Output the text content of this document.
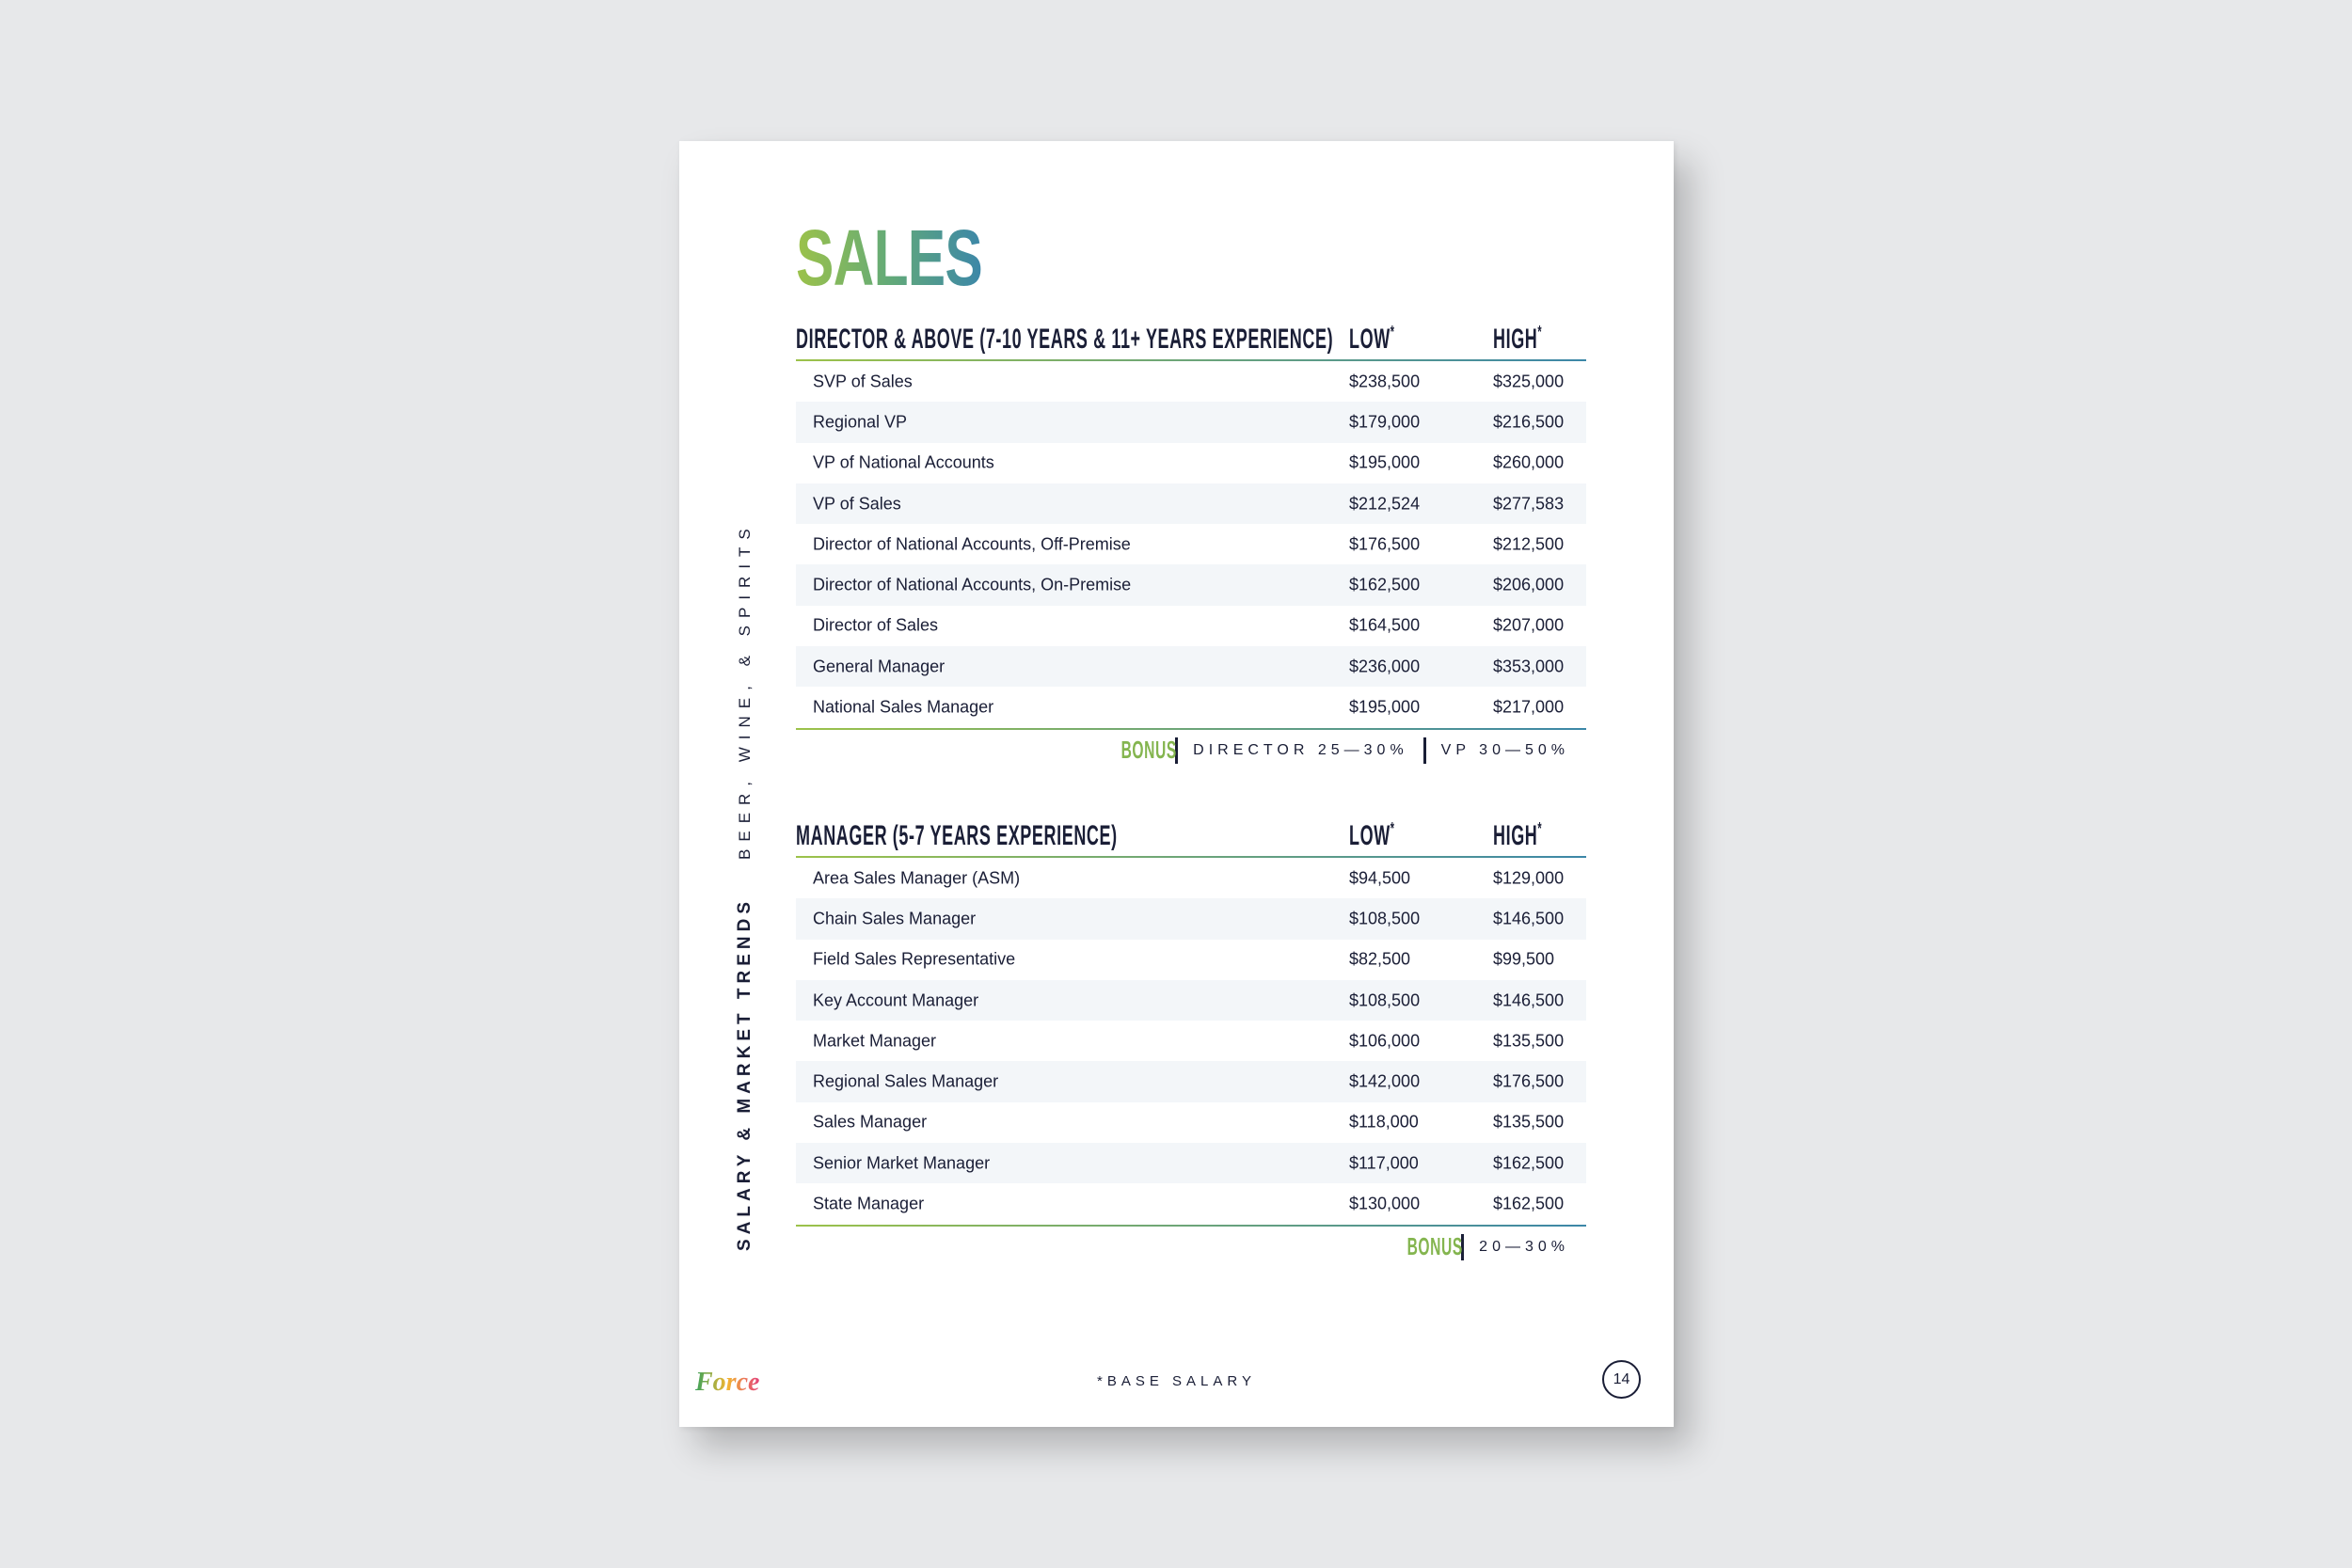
SALARY & MARKET TRENDS
BEER, WINE, & SPIRITS
SALES
DIRECTOR & ABOVE (7-10 YEARS & 11+ YEARS EXPERIENCE) LOW*	HIGH*
SVP of Sales	$238,500	$325,000
Regional VP	$179,000	$216,500
VP of National Accounts	$195,000	$260,000
VP of Sales	$212,524	$277,583
Director of National Accounts, Off-Premise	$176,500	$212,500
Director of National Accounts, On-Premise	$162,500	$206,000
Director of Sales	$164,500	$207,000
General Manager	$236,000	$353,000
National Sales Manager	$195,000	$217,000
BONUS DIRECTOR 25—30% VP 30—50%
MANAGER (5-7 YEARS EXPERIENCE)	LOW*	HIGH*
Area Sales Manager (ASM)	$94,500	$129,000
Chain Sales Manager	$108,500	$146,500
Field Sales Representative	$82,500	$99,500
Key Account Manager	$108,500	$146,500
Market Manager	$106,000	$135,500
Regional Sales Manager	$142,000	$176,500
Sales Manager	$118,000	$135,500
Senior Market Manager	$117,000	$162,500
State Manager	$130,000	$162,500
BONUS 20—30%
Force	*BASE SALARY	14
